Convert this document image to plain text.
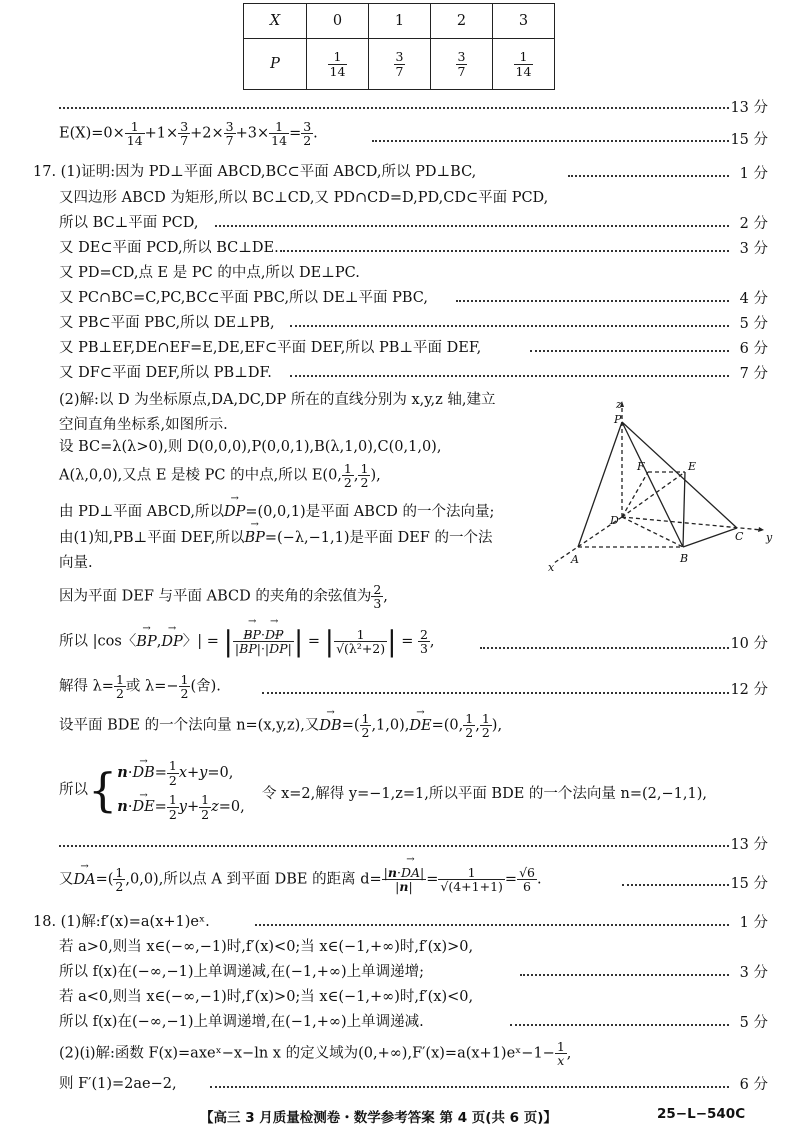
X	0	1	2	3
P	$\frac{1}{14}$	$\frac{3}{7}$	$\frac{3}{7}$	$\frac{1}{14}$
13 分
$E(X)=0\times \frac{1}{14} +1\times \frac{3}{7} +2\times \frac{3}{7} +3\times \frac{1}{14} = \frac{3}{2}$ .	15 分
17. (1)证明:因为 PD⊥平面 ABCD,BC⊂平面 ABCD,所以 PD⊥BC,	1 分
又四边形 ABCD 为矩形,所以 BC⊥CD,又 PD∩CD=D,PD,CD⊂平面 PCD,
所以 BC⊥平面 PCD,	2 分
又 DE⊂平面 PCD,所以 BC⊥DE.	3 分
又 PD=CD,点 E 是 PC 的中点,所以 DE⊥PC.
又 PC∩BC=C,PC,BC⊂平面 PBC,所以 DE⊥平面 PBC,	4 分
又 PB⊂平面 PBC,所以 DE⊥PB,	5 分
又 PB⊥EF,DE∩EF=E,DE,EF⊂平面 DEF,所以 PB⊥平面 DEF,	6 分
又 DF⊂平面 DEF,所以 PB⊥DF.	7 分
(2)解:以 D 为坐标原点,DA,DC,DP 所在的直线分别为 x,y,z 轴,建立
空间直角坐标系,如图所示.
设 BC=λ(λ>0),则 D(0,0,0),P(0,0,1),B(λ,1,0),C(0,1,0),
A(λ,0,0),又点 E 是棱 PC 的中点,所以 E(0, $\frac{1}{2}$ , $\frac{1}{2}$ ),
由 PD⊥平面 ABCD,所以→ DP=(0,0,1)是平面 ABCD 的一个法向量;
由(1)知,PB⊥平面 DEF,所以→ BP=(−λ,−1,1)是平面 DEF 的一个法
向量.
因为平面 DEF 与平面 ABCD 的夹角的余弦值为 $\frac{2}{3}$ ,
所以 |cos〈→ BP,→ DP〉| = | → $\frac{BP\cdot\to DP}{|\to BP|\cdot|\to DP|}$ | = | $\frac{1}{\text{√(λ²+2)}}$ | = $\frac{2}{3}$ ,	10 分
解得 $\lambda= \frac{1}{2}$ 或 $\lambda=- \frac{1}{2}$ (舍).	12 分
设平面 BDE 的一个法向量 n=(x,y,z),又→ $DB=( \frac{1}{2} ,1,0),\to DE=(0$, $\frac{1}{2}$ , $\frac{1}{2}$ ),
所以{ $n\cdot\to DB= \frac{1}{2} x+y=0$,
$n\cdot\to DE= \frac{1}{2} y+ \frac{1}{2} z=0$,
令 x=2,解得 y=−1,z=1,所以平面 BDE 的一个法向量 n=(2,−1,1),
13 分
又→ $DA=( \frac{1}{2} ,0,0)$,所以点 A 到平面 DBE 的距离 $d= \frac{|n\cdot\to DA|}{|n|} = \frac{1}{√(4+1+1)} = \frac{√6}{6}$ .	15 分
18. (1)解:f′(x)=a(x+1)eˣ.	1 分
若 a>0,则当 x∈(−∞,−1)时,f′(x)<0;当 x∈(−1,+∞)时,f′(x)>0,
所以 f(x)在(−∞,−1)上单调递减,在(−1,+∞)上单调递增;	3 分
若 a<0,则当 x∈(−∞,−1)时,f′(x)>0;当 x∈(−1,+∞)时,f′(x)<0,
所以 f(x)在(−∞,−1)上单调递增,在(−1,+∞)上单调递减.	5 分
(2)(ⅰ)解:函数 F(x)=axeˣ−x−ln x 的定义域为(0,+∞),F′(x)=a(x+1)eˣ−1− $\frac{1}{x}$ ,
则 F′(1)=2ae−2,	6 分
【高三 3 月质量检测卷・数学参考答案 第 4 页(共 6 页)】	25−L−540C
z
P
F	E
D
A	B
C y
x
